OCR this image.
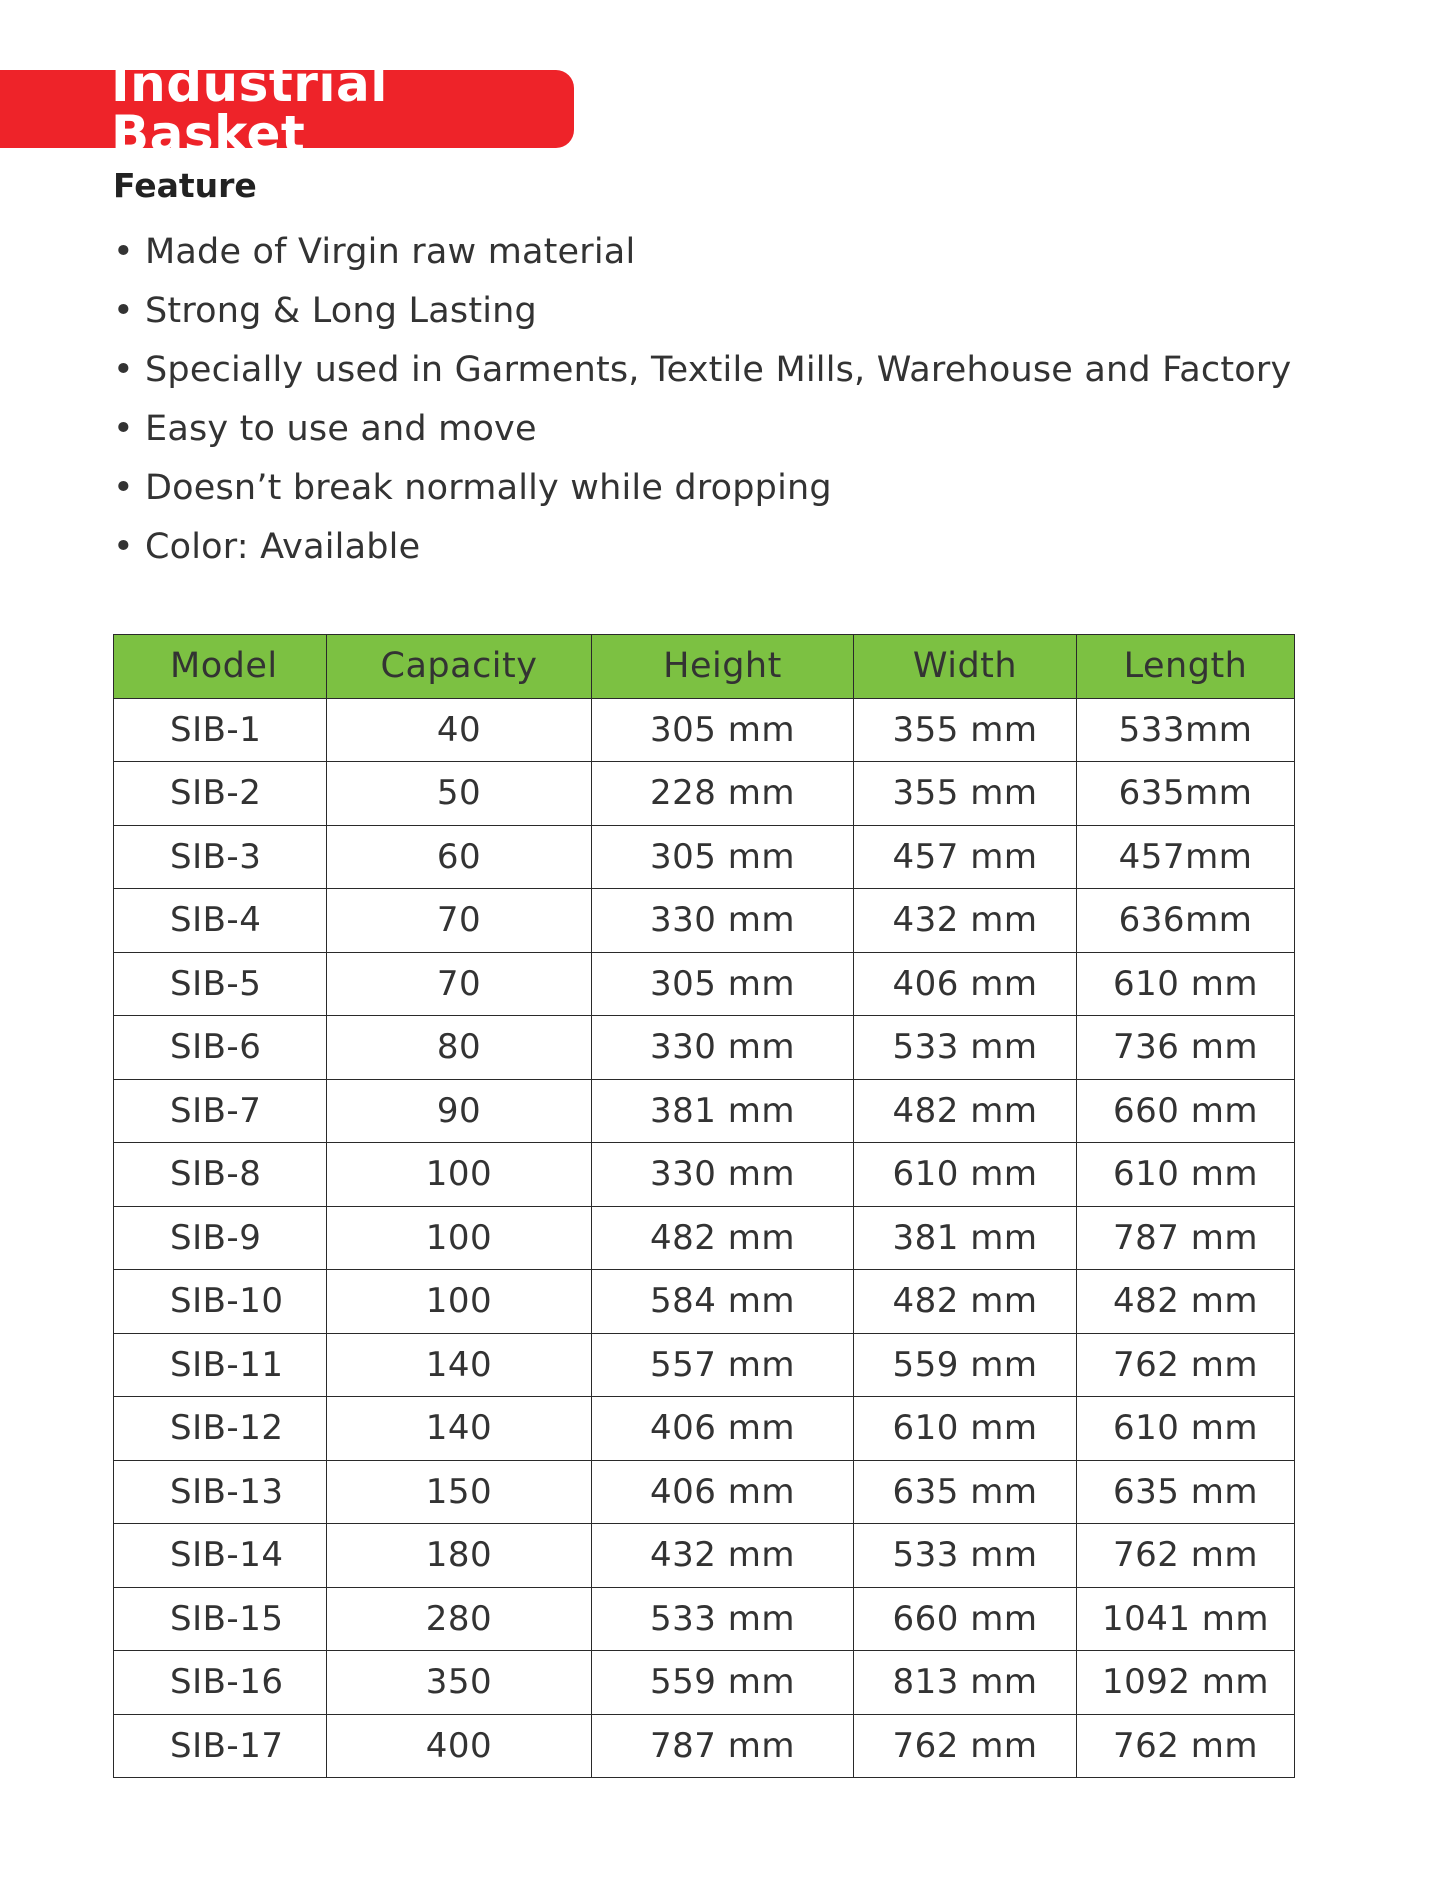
Industrial Basket
Feature
• Made of Virgin raw material
• Strong & Long Lasting
• Specially used in Garments, Textile Mills, Warehouse and Factory
• Easy to use and move
• Doesn’t break normally while dropping
• Color: Available
Model	Capacity	Height	Width	Length
SIB-1	40	305 mm	355 mm	533mm
SIB-2	50	228 mm	355 mm	635mm
SIB-3	60	305 mm	457 mm	457mm
SIB-4	70	330 mm	432 mm	636mm
SIB-5	70	305 mm	406 mm	610 mm
SIB-6	80	330 mm	533 mm	736 mm
SIB-7	90	381 mm	482 mm	660 mm
SIB-8	100	330 mm	610 mm	610 mm
SIB-9	100	482 mm	381 mm	787 mm
SIB-10	100	584 mm	482 mm	482 mm
SIB-11	140	557 mm	559 mm	762 mm
SIB-12	140	406 mm	610 mm	610 mm
SIB-13	150	406 mm	635 mm	635 mm
SIB-14	180	432 mm	533 mm	762 mm
SIB-15	280	533 mm	660 mm	1041 mm
SIB-16	350	559 mm	813 mm	1092 mm
SIB-17	400	787 mm	762 mm	762 mm
